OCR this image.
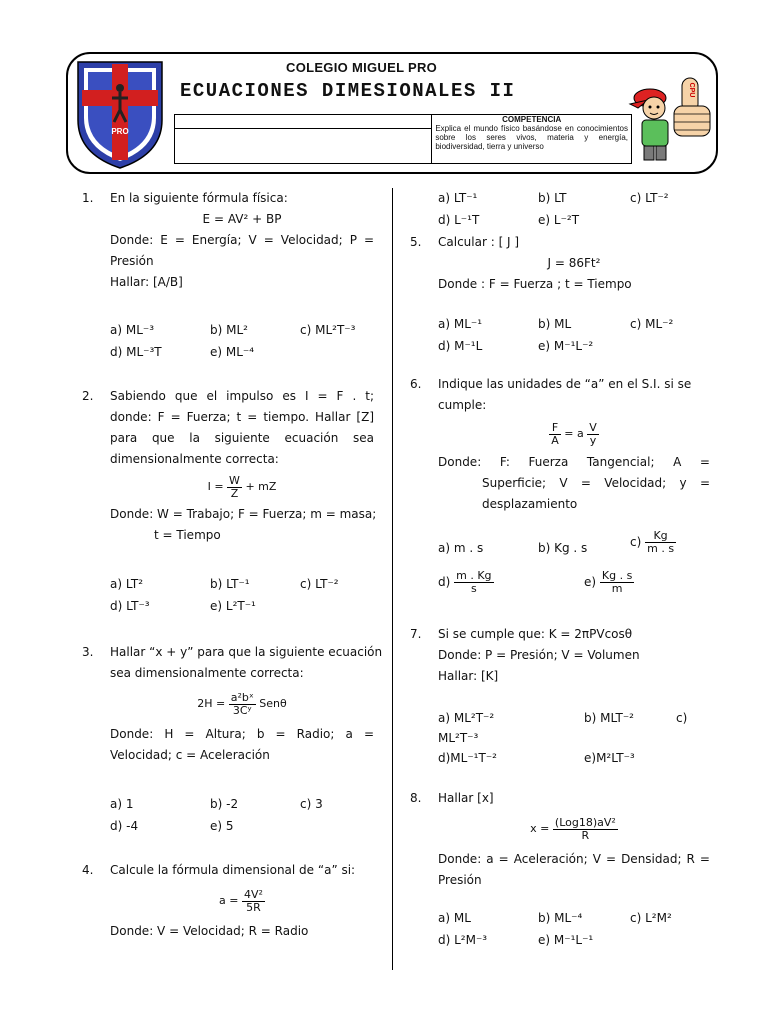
PRO
COLEGIO MIGUEL PRO
ECUACIONES DIMESIONALES II

COMPETENCIA
Explica el mundo físico basándose en conocimientos sobre los seres vivos, materia y energía, biodiversidad, tierra y universo

CPU
1. En la siguiente fórmula física:
E = AV² + BP
Donde: E = Energía; V = Velocidad; P =
Presión
Hallar: [A/B]
a) ML⁻³	b) ML²	c) ML²T⁻³
d) ML⁻³T	e) ML⁻⁴
2. Sabiendo que el impulso es I = F . t;
donde: F = Fuerza; t = tiempo. Hallar [Z]
para que la siguiente ecuación sea
dimensionalmente correcta:
$I = \frac{W}{Z}$ + mZ
Donde: W = Trabajo; F = Fuerza; m = masa;
t = Tiempo
a) LT²	b) LT⁻¹	c) LT⁻²
d) LT⁻³	e) L²T⁻¹
3. Hallar “x + y” para que la siguiente ecuación
sea dimensionalmente correcta:
$2H = \frac{\text{a²bˣ}}{\text{3Cʸ}}$ Senθ
Donde: H = Altura; b = Radio; a =
Velocidad; c = Aceleración
a) 1	b) -2	c) 3
d) -4	e) 5
4. Calcule la fórmula dimensional de “a” si:
$a = \frac{\text{4V²}}{5R}$
Donde: V = Velocidad; R = Radio
a) LT⁻¹	b) LT	c) LT⁻²
d) L⁻¹T	e) L⁻²T
5. Calcular : [ J ]
J = 86Ft²
Donde : F = Fuerza ; t = Tiempo
a) ML⁻¹	b) ML	c) ML⁻²
d) M⁻¹L	e) M⁻¹L⁻²
6. Indique las unidades de “a” en el S.I. si se
cumple:
$\frac{F}{A} = a \frac{V}{y}$
Donde: F: Fuerza Tangencial; A =
Superficie; V = Velocidad; y =
desplazamiento
a) m . s	b) Kg . s	$c) \frac{Kg}{m . s}$
$d) \frac{m . Kg}{s}$	$e) \frac{Kg . s}{m}$
7. Si se cumple que: K = 2πPVcosθ
Donde: P = Presión; V = Volumen
Hallar: [K]
a) ML²T⁻²	b) MLT⁻²	c)
ML²T⁻³
d)ML⁻¹T⁻²	e)M²LT⁻³
8. Hallar [x]
$x = \frac{\text{(Log18)aV²}}{R}$
Donde: a = Aceleración; V = Densidad; R =
Presión
a) ML	b) ML⁻⁴	c) L²M²
d) L²M⁻³	e) M⁻¹L⁻¹
